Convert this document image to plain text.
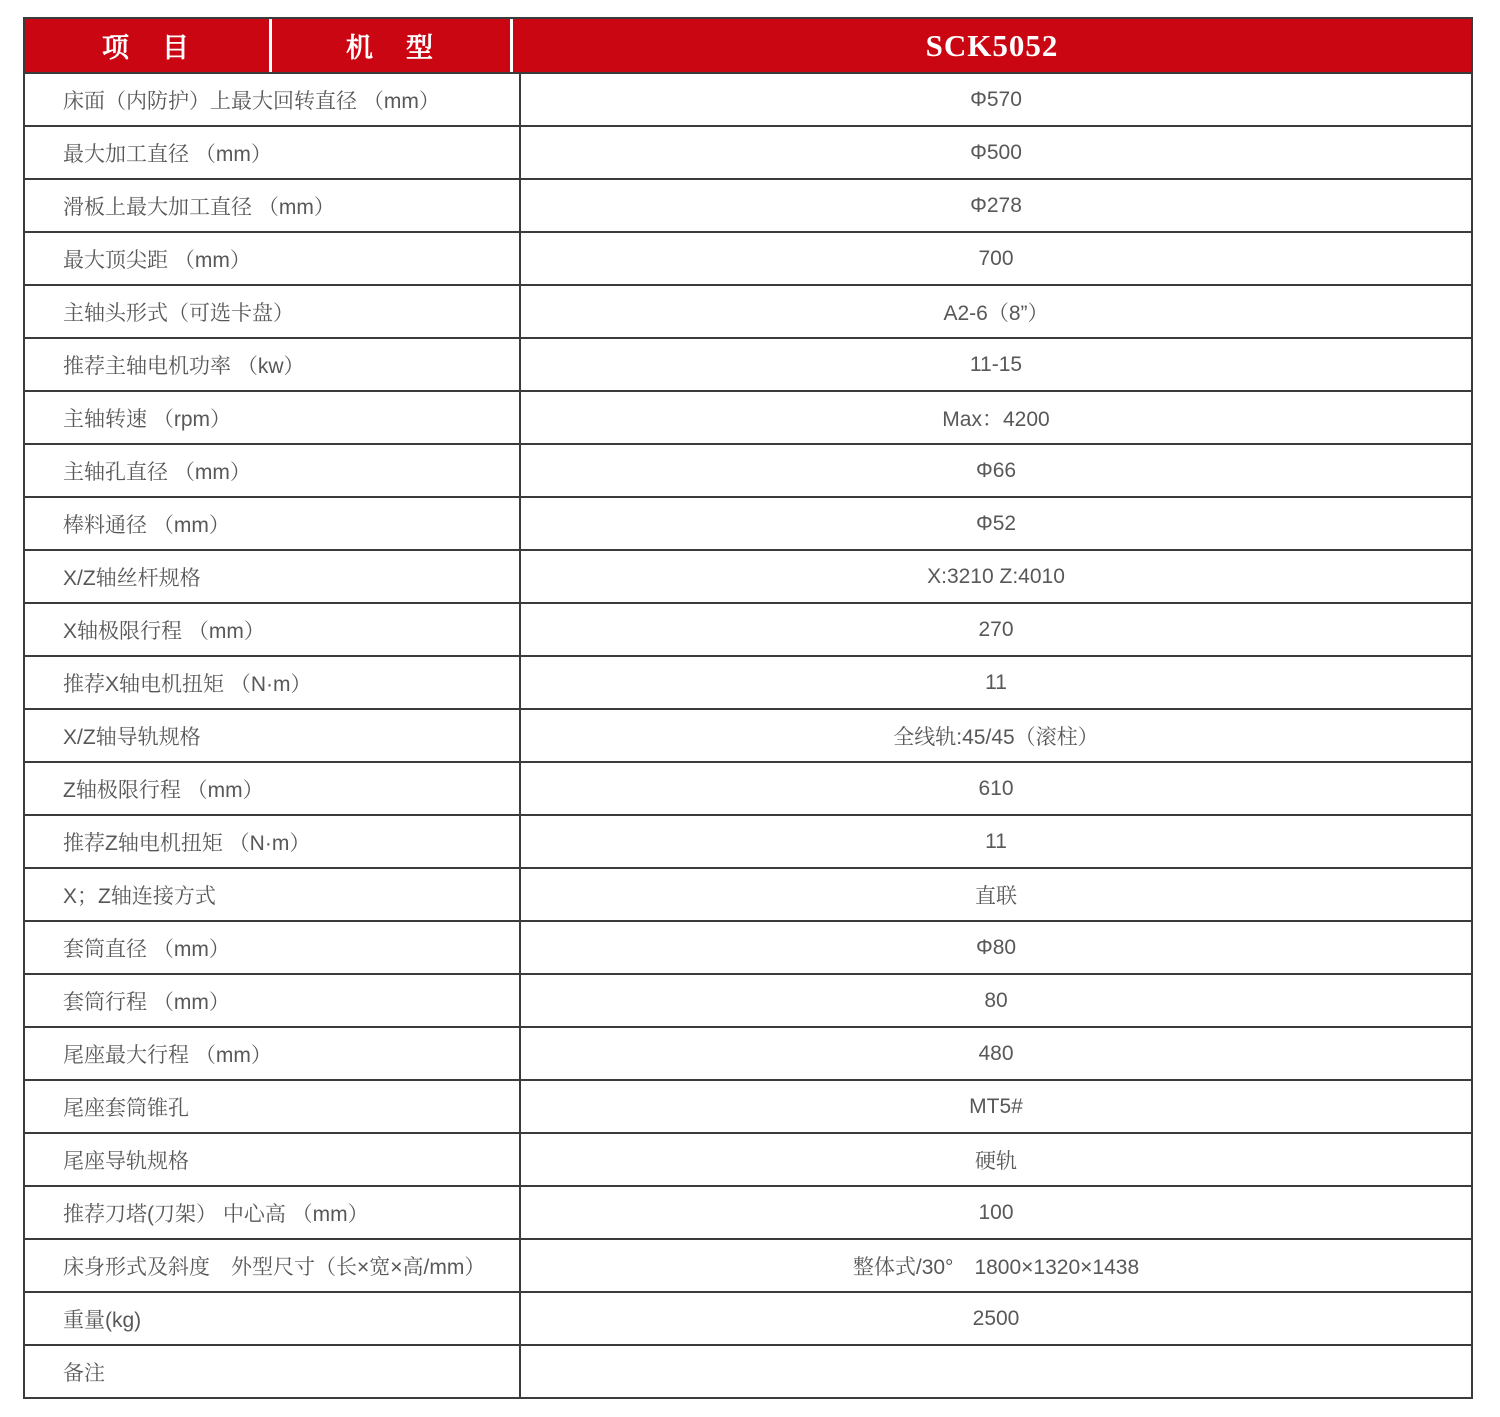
项　目	机　型	SCK5052
床面（内防护）上最大回转直径 （mm）	Φ570
最大加工直径 （mm）	Φ500
滑板上最大加工直径 （mm）	Φ278
最大顶尖距 （mm）	700
主轴头形式（可选卡盘）	A2-6（8”）
推荐主轴电机功率 （kw）	11-15
主轴转速 （rpm）	Max：4200
主轴孔直径 （mm）	Φ66
棒料通径 （mm）	Φ52
X/Z轴丝杆规格	X:3210 Z:4010
X轴极限行程 （mm）	270
推荐X轴电机扭矩 （N·m）	11
X/Z轴导轨规格	全线轨:45/45（滚柱）
Z轴极限行程 （mm）	610
推荐Z轴电机扭矩 （N·m）	11
X；Z轴连接方式	直联
套筒直径 （mm）	Φ80
套筒行程 （mm）	80
尾座最大行程 （mm）	480
尾座套筒锥孔	MT5#
尾座导轨规格	硬轨
推荐刀塔(刀架） 中心高 （mm）	100
床身形式及斜度　外型尺寸（长×宽×高/mm）	整体式/30°　1800×1320×1438
重量(kg)	2500
备注
